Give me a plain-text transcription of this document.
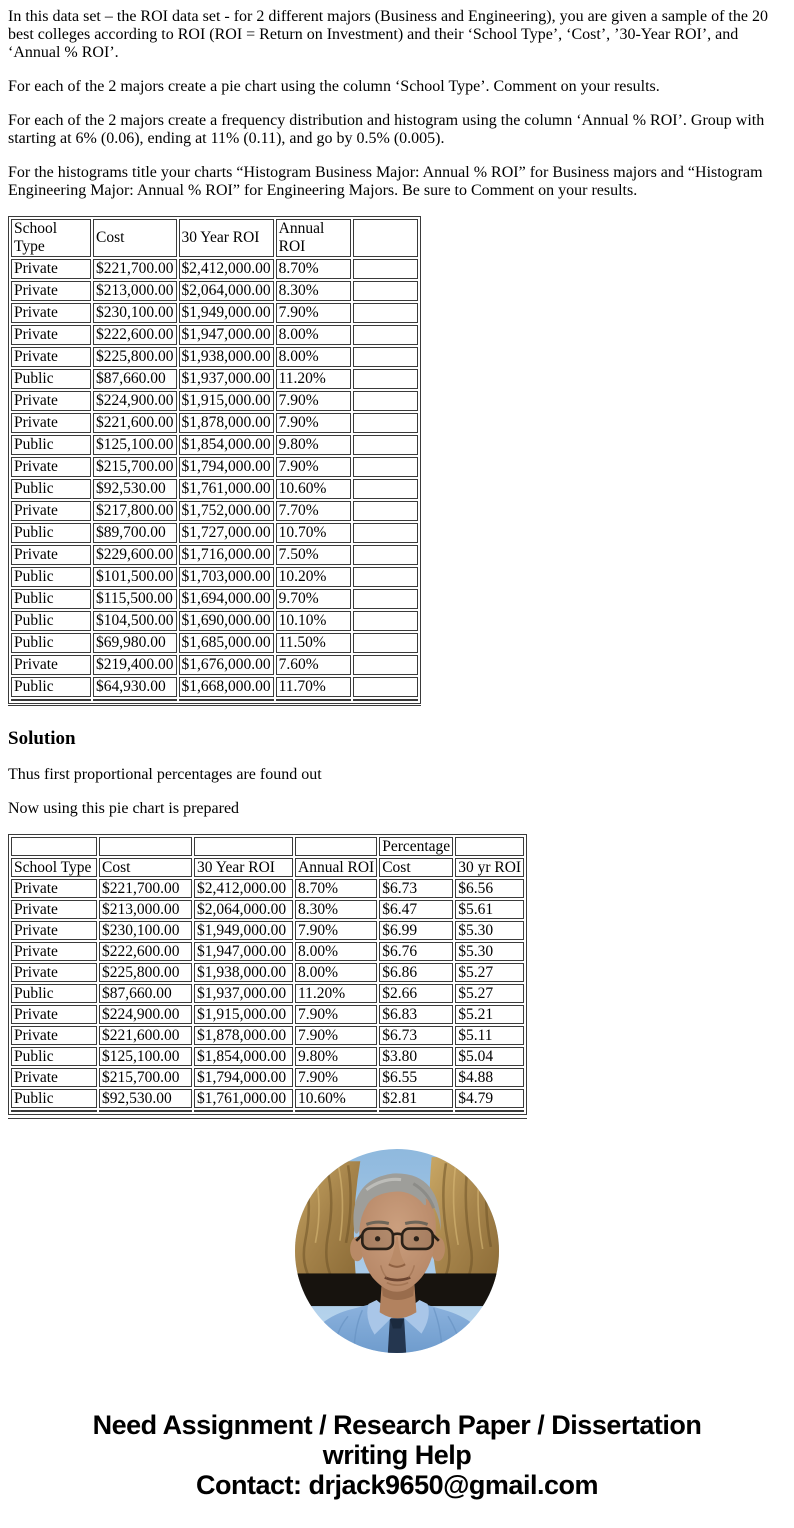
In this data set – the ROI data set - for 2 different majors (Business and Engineering), you are given a sample of the 20 best colleges according to ROI (ROI = Return on Investment) and their ‘School Type’, ‘Cost’, ’30-Year ROI’, and ‘Annual % ROI’.

For each of the 2 majors create a pie chart using the column ‘School Type’. Comment on your results.

For each of the 2 majors create a frequency distribution and histogram using the column ‘Annual % ROI’. Group with starting at 6% (0.06), ending at 11% (0.11), and go by 0.5% (0.005).

For the histograms title your charts “Histogram Business Major: Annual % ROI” for Business majors and “Histogram Engineering Major: Annual % ROI” for Engineering Majors. Be sure to Comment on your results.

School Type	Cost	30 Year ROI	Annual ROI	
Private	$221,700.00	$2,412,000.00	8.70%	
Private	$213,000.00	$2,064,000.00	8.30%	
Private	$230,100.00	$1,949,000.00	7.90%	
Private	$222,600.00	$1,947,000.00	8.00%	
Private	$225,800.00	$1,938,000.00	8.00%	
Public	$87,660.00	$1,937,000.00	11.20%	
Private	$224,900.00	$1,915,000.00	7.90%	
Private	$221,600.00	$1,878,000.00	7.90%	
Public	$125,100.00	$1,854,000.00	9.80%	
Private	$215,700.00	$1,794,000.00	7.90%	
Public	$92,530.00	$1,761,000.00	10.60%	
Private	$217,800.00	$1,752,000.00	7.70%	
Public	$89,700.00	$1,727,000.00	10.70%	
Private	$229,600.00	$1,716,000.00	7.50%	
Public	$101,500.00	$1,703,000.00	10.20%	
Public	$115,500.00	$1,694,000.00	9.70%	
Public	$104,500.00	$1,690,000.00	10.10%	
Public	$69,980.00	$1,685,000.00	11.50%	
Private	$219,400.00	$1,676,000.00	7.60%	
Public	$64,930.00	$1,668,000.00	11.70%	

Solution

Thus first proportional percentages are found out

Now using this pie chart is prepared

				Percentage	
School Type	Cost	30 Year ROI	Annual ROI	Cost	30 yr ROI
Private	$221,700.00	$2,412,000.00	8.70%	$6.73	$6.56
Private	$213,000.00	$2,064,000.00	8.30%	$6.47	$5.61
Private	$230,100.00	$1,949,000.00	7.90%	$6.99	$5.30
Private	$222,600.00	$1,947,000.00	8.00%	$6.76	$5.30
Private	$225,800.00	$1,938,000.00	8.00%	$6.86	$5.27
Public	$87,660.00	$1,937,000.00	11.20%	$2.66	$5.27
Private	$224,900.00	$1,915,000.00	7.90%	$6.83	$5.21
Private	$221,600.00	$1,878,000.00	7.90%	$6.73	$5.11
Public	$125,100.00	$1,854,000.00	9.80%	$3.80	$5.04
Private	$215,700.00	$1,794,000.00	7.90%	$6.55	$4.88
Public	$92,530.00	$1,761,000.00	10.60%	$2.81	$4.79

Need Assignment / Research Paper / Dissertation
writing Help
Contact: drjack9650@gmail.com
